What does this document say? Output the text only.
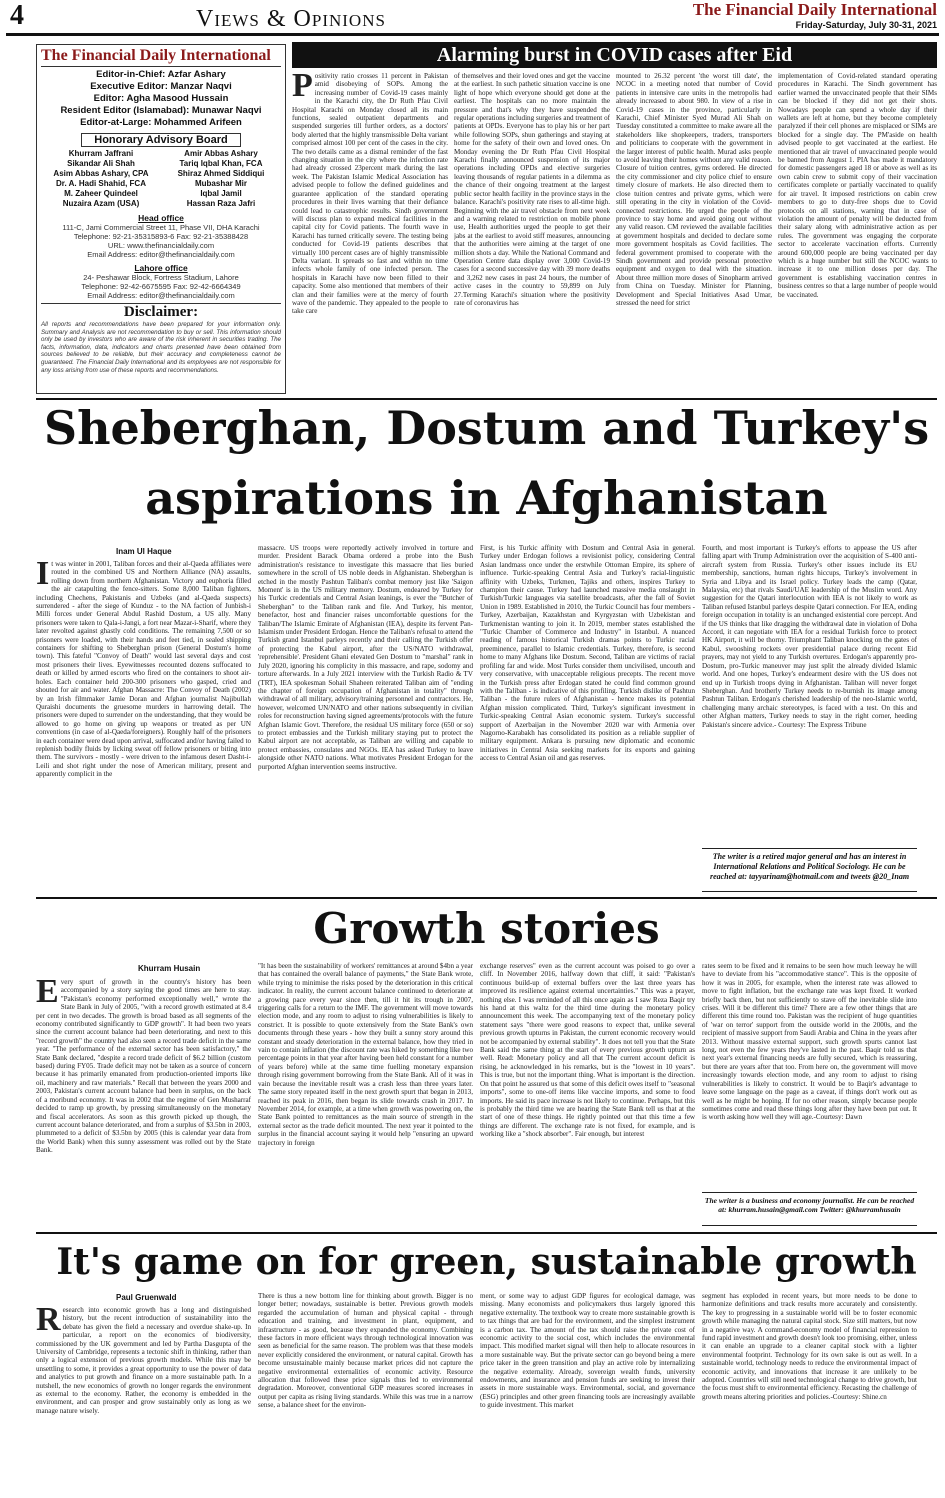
4	Views & Opinions	The Financial Daily International
Friday-Saturday, July 30-31, 2021
The Financial Daily International
Editor-in-Chief: Azfar Ashary
Executive Editor: Manzar Naqvi
Editor: Agha Masood Hussain
Resident Editor (Islamabad): Munawar Naqvi
Editor-at-Large: Mohammed Arifeen
Honorary Advisory Board
Khurram Jaffrani
Sikandar Ali Shah
Asim Abbas Ashary, CPA
Dr. A. Hadi Shahid, FCA
M. Zaheer Quindeel
Nuzaira Azam (USA)
Amir Abbas Ashary
Tariq Iqbal Khan, FCA
Shiraz Ahmed Siddiqui
Mubashar Mir
Iqbal Jamil
Hassan Raza Jafri
Head office
111-C, Jami Commercial Street 11, Phase VII, DHA Karachi
Telephone: 92-21-35315893-6 Fax: 92-21-35388428
URL: www.thefinancialdaily.com
Email Address: editor@thefinancialdaily.com
Lahore office
24- Peshawar Block, Fortress Stadium, Lahore
Telephone: 92-42-6675595 Fax: 92-42-6664349
Email Address: editor@thefinancialdaily.com
Disclaimer:
All reports and recommendations have been prepared for your information only. Summary and Analysis are not recommendation to buy or sell. This information should only be used by investors who are aware of the risk inherent in securities trading. The facts, information, data, indicators and charts presented have been obtained from sources believed to be reliable, but their accuracy and completeness cannot be guaranteed. The Financial Daily International and its employees are not responsible for any loss arising from use of these reports and recommendations.
Alarming burst in COVID cases after Eid
Positivity ratio crosses 11 percent in Pakistan amid disobeying of SOPs. Among the increasing number of Covid-19 cases mainly in the Karachi city, the Dr Ruth Pfau Civil Hospital Karachi on Monday closed all its main functions, sealed outpatient departments and suspended surgeries till further orders, as a doctors' body alerted that the highly transmissible Delta variant comprised almost 100 per cent of the cases in the city. The two details came as a dismal reminder of the fast changing situation in the city where the infection rate had already crossed 23percent mark during the last week. The Pakistan Islamic Medical Association has advised people to follow the defined guidelines and guarantee application of the standard operating procedures in their lives warning that their defiance could lead to catastrophic results. Sindh government will discuss plan to expand medical facilities in the capital city for Covid patients. The fourth wave in Karachi has turned critically severe. The testing being conducted for Covid-19 patients describes that virtually 100 percent cases are of highly transmissible Delta variant. It spreads so fast and within no time infects whole family of one infected person. The hospitals in Karachi have now been filled to their capacity. Some also mentioned that members of their clan and their families were at the mercy of fourth wave of the pandemic. They appealed to the people to take care
of themselves and their loved ones and get the vaccine at the earliest. In such pathetic situation vaccine is one light of hope which everyone should get done at the earliest. The hospitals can no more maintain the pressure and that's why they have suspended the regular operations including surgeries and treatment of patients at OPDs. Everyone has to play his or her part while following SOPs, shun gatherings and staying at home for the safety of their own and loved ones. On Monday evening the Dr Ruth Pfau Civil Hospital Karachi finally announced suspension of its major operations including OPDs and elective surgeries leaving thousands of regular patients in a dilemma as the chance of their ongoing treatment at the largest public sector health facility in the province stays in the balance. Karachi's positivity rate rises to all-time high. Beginning with the air travel obstacle from next week and a warning related to restriction on mobile phone use, Health authorities urged the people to get their jabs at the earliest to avoid stiff measures, announcing that the authorities were aiming at the target of one million shots a day. While the National Command and Operation Centre data display over 3,000 Covid-19 cases for a second successive day with 39 more deaths and 3,262 new cases in past 24 hours, the number of active cases in the country to 59,899 on July 27.Terming Karachi's situation where the positivity rate of coronavirus has
mounted to 26.32 percent 'the worst till date', the NCOC in a meeting noted that number of Covid patients in intensive care units in the metropolis had already increased to about 980. In view of a rise in Covid-19 cases in the province, particularly in Karachi, Chief Minister Syed Murad Ali Shah on Tuesday constituted a committee to make aware all the stakeholders like shopkeepers, traders, transporters and politicians to cooperate with the government in the larger interest of public health. Murad asks people to avoid leaving their homes without any valid reason. Closure of tuition centres, gyms ordered. He directed the city commissioner and city police chief to ensure timely closure of markets. He also directed them to close tuition centres and private gyms, which were still operating in the city in violation of the Covid- connected restrictions. He urged the people of the province to stay home and avoid going out without any valid reason. CM reviewed the available facilities at government hospitals and decided to declare some more government hospitals as Covid facilities. The federal government promised to cooperate with the Sindh government and provide personal protective equipment and oxygen to deal with the situation. About three million more doses of Sinopharm arrived from China on Tuesday. Minister for Planning, Development and Special Initiatives Asad Umar, stressed the need for strict
implementation of Covid-related standard operating procedures in Karachi. The Sindh government has earlier warned the unvaccinated people that their SIMs can be blocked if they did not get their shots. Nowadays people can spend a whole day if their wallets are left at home, but they become completely paralyzed if their cell phones are misplaced or SIMs are blocked for a single day. The PM'aside on health advised people to get vaccinated at the earliest. He mentioned that air travel of unvaccinated people would be banned from August 1. PIA has made it mandatory for domestic passengers aged 18 or above as well as its own cabin crew to submit copy of their vaccination certificates complete or partially vaccinated to qualify for air travel. It imposed restrictions on cabin crew members to go to duty-free shops due to Covid protocols on all stations, warning that in case of violation the amount of penalty will be deducted from their salary along with administrative action as per rules. The government was engaging the corporate sector to accelerate vaccination efforts. Currently around 600,000 people are being vaccinated per day which is a huge number but still the NCOC wants to increase it to one million doses per day. The government is establishing vaccination centres in business centres so that a large number of people would be vaccinated.
Sheberghan, Dostum and Turkey's
aspirations in Afghanistan
Inam Ul Haque
It was winter in 2001, Taliban forces and their al-Qaeda affiliates were routed in the combined US and Northern Alliance (NA) assaults, rolling down from northern Afghanistan. Victory and euphoria filled the air catapulting the fence-sitters. Some 8,000 Taliban fighters, including Chechens, Pakistanis and Uzbeks (and al-Qaeda suspects) surrendered - after the siege of Kunduz - to the NA faction of Junbish-i Milli forces under General Abdul Rashid Dostum, a US ally. Many prisoners were taken to Qala-i-Jangi, a fort near Mazar-i-Sharif, where they later revolted against ghastly cold conditions. The remaining 7,500 or so prisoners were loaded, with their hands and feet tied, in sealed shipping containers for shifting to Sheberghan prison (General Dostum's home town). This fateful "Convoy of Death" would last several days and cost most prisoners their lives. Eyewitnesses recounted dozens suffocated to death or killed by armed escorts who fired on the containers to shoot air-holes. Each container held 200-300 prisoners who gasped, cried and shouted for air and water. Afghan Massacre: The Convoy of Death (2002) by an Irish filmmaker Jamie Doran and Afghan journalist Najibullah Quraishi documents the gruesome murders in harrowing detail. The prisoners were duped to surrender on the understanding, that they would be allowed to go home on giving up weapons or treated as per UN conventions (in case of al-Qaeda/foreigners). Roughly half of the prisoners in each container were dead upon arrival, suffocated and/or having failed to replenish bodily fluids by licking sweat off fellow prisoners or biting into them. The survivors - mostly - were driven to the infamous desert Dasht-i-Leili and shot right under the nose of American military, present and apparently complicit in the
massacre. US troops were reportedly actively involved in torture and murder. President Barack Obama ordered a probe into the Bush administration's resistance to investigate this massacre that lies buried somewhere in the scroll of US noble deeds in Afghanistan. Sheberghan is etched in the mostly Pashtun Taliban's combat memory just like 'Saigon Moment' is in the US military memory. Dostum, endeared by Turkey for his Turkic credentials and Central Asian leanings, is ever the "Butcher of Sheberghan" to the Taliban rank and file. And Turkey, his mentor, benefactor, host and financier raises uncomfortable questions for the Taliban/The Islamic Emirate of Afghanistan (IEA), despite its fervent Pan-Islamism under President Erdogan. Hence the Taliban's refusal to attend the Turkish grand Istanbul parleys recently and their calling the Turkish offer of protecting the Kabul airport, after the US/NATO withdrawal, 'reprehensible'. President Ghani elevated Gen Dostum to "marshal" rank in July 2020, ignoring his complicity in this massacre, and rape, sodomy and torture afterwards. In a July 2021 interview with the Turkish Radio & TV (TRT), IEA spokesman Sohail Shaheen reiterated Taliban aim of "ending the chapter of foreign occupation of Afghanistan in totality" through withdrawal of all military, advisory/training personnel and contractors. He, however, welcomed UN/NATO and other nations subsequently in civilian roles for reconstruction having signed agreements/protocols with the future Afghan Islamic Govt. Therefore, the residual US military force (650 or so) to protect embassies and the Turkish military staying put to protect the Kabul airport are not acceptable, as Taliban are willing and capable to protect embassies, consulates and NGOs. IEA has asked Turkey to leave alongside other NATO nations. What motivates President Erdogan for the purported Afghan intervention seems instructive.
First, is his Turkic affinity with Dostum and Central Asia in general. Turkey under Erdogan follows a revisionist policy, considering Central Asian landmass once under the erstwhile Ottoman Empire, its sphere of influence. Turkic-speaking Central Asia and Turkey's racial-linguistic affinity with Uzbeks, Turkmen, Tajiks and others, inspires Turkey to champion their cause. Turkey had launched massive media onslaught in Turkish/Turkic languages via satellite broadcasts, after the fall of Soviet Union in 1989. Established in 2010, the Turkic Council has four members - Turkey, Azerbaijan, Kazakhstan and Kyrgyzstan with Uzbekistan and Turkmenistan wanting to join it. In 2019, member states established the "Turkic Chamber of Commerce and Industry" in Istanbul. A nuanced reading of famous historical Turkish dramas points to Turkic racial preeminence, parallel to Islamic credentials. Turkey, therefore, is second home to many Afghans like Dostum. Second, Taliban are victims of racial profiling far and wide. Most Turks consider them uncivilised, uncouth and very conservative, with unacceptable religious precepts. The recent move in the Turkish press after Erdogan stated he could find common ground with the Taliban - is indicative of this profiling. Turkish dislike of Pashtun Taliban - the future rulers of Afghanistan - hence makes its potential Afghan mission complicated. Third, Turkey's significant investment in Turkic-speaking Central Asian economic system. Turkey's successful support of Azerbaijan in the November 2020 war with Armenia over Nagorno-Karabakh has consolidated its position as a reliable supplier of military equipment. Ankara is pursuing new diplomatic and economic initiatives in Central Asia seeking markets for its exports and gaining access to Central Asian oil and gas reserves.
Fourth, and most important is Turkey's efforts to appease the US after falling apart with Trump Administration over the acquisition of S-400 anti-aircraft system from Russia. Turkey's other issues include its EU membership, sanctions, human rights hiccups, Turkey's involvement in Syria and Libya and its Israel policy. Turkey leads the camp (Qatar, Malaysia, etc) that rivals Saudi/UAE leadership of the Muslim word. Any suggestion for the Qatari interlocution with IEA is not likely to work as Taliban refused Istanbul parleys despite Qatari connection. For IEA, ending foreign occupation in totality is an unchanged existential core percept. And if the US thinks that like dragging the withdrawal date in violation of Doha Accord, it can negotiate with IEA for a residual Turkish force to protect HK Airport, it will be thorny. Triumphant Taliban knocking on the gates of Kabul, swooshing rockets over presidential palace during recent Eid prayers, may not yield to any Turkish overtures. Erdogan's apparently pro-Dostum, pro-Turkic maneuver may just split the already divided Islamic world. And one hopes, Turkey's endearment desire with the US does not end up in Turkish troops dying in Afghanistan. Taliban will never forget Sheberghan. And brotherly Turkey needs to re-burnish its image among Pashtun Taliban. Erdogan's cherished leadership of the neo-Islamic world, challenging many archaic stereotypes, is faced with a test. On this and other Afghan matters, Turkey needs to stay in the right corner, heeding Pakistan's sincere advice.- Courtesy: The Express Tribune
The writer is a retired major general and has an interest in International Relations and Political Sociology. He can be reached at: tayyarinam@hotmail.com and tweets @20_Inam
Growth stories
Khurram Husain
Every spurt of growth in the country's history has been accompanied by a story saying the good times are here to stay. "Pakistan's economy performed exceptionally well," wrote the State Bank in July of 2005, "with a record growth estimated at 8.4 per cent in two decades. The growth is broad based as all segments of the economy contributed significantly to GDP growth". It had been two years since the current account balance had been deteriorating, and next to this "record growth" the country had also seen a record trade deficit in the same year. "The performance of the external sector has been satisfactory," the State Bank declared, "despite a record trade deficit of $6.2 billion (custom based) during FY05. Trade deficit may not be taken as a source of concern because it has primarily emanated from production-oriented imports like oil, machinery and raw materials." Recall that between the years 2000 and 2003, Pakistan's current account balance had been in surplus, on the back of a moribund economy. It was in 2002 that the regime of Gen Musharraf decided to ramp up growth, by pressing simultaneously on the monetary and fiscal accelerators. As soon as this growth picked up though, the current account balance deteriorated, and from a surplus of $3.5bn in 2003, plummeted to a deficit of $3.5bn by 2005 (this is calendar year data from the World Bank) when this sunny assessment was rolled out by the State Bank.
"It has been the sustainability of workers' remittances at around $4bn a year that has contained the overall balance of payments," the State Bank wrote, while trying to minimise the risks posed by the deterioration in this critical indicator. In reality, the current account balance continued to deteriorate at a growing pace every year since then, till it hit its trough in 2007, triggering calls for a return to the IMF. The government will move towards election mode, and any room to adjust to rising vulnerabilities is likely to constrict. It is possible to quote extensively from the State Bank's own documents through these years - how they built a sunny story around this constant and steady deterioration in the external balance, how they tried in vain to contain inflation (the discount rate was hiked by something like two percentage points in that year after having been held constant for a number of years before) while at the same time fuelling monetary expansion through rising government borrowing from the State Bank. All of it was in vain because the inevitable result was a crash less than three years later. The same story repeated itself in the next growth spurt that began in 2013, reached its peak in 2016, then began its slide towards crash in 2017. In November 2014, for example, at a time when growth was powering on, the State Bank pointed to remittances as the main source of strength in the external sector as the trade deficit mounted. The next year it pointed to the surplus in the financial account saying it would help "ensuring an upward trajectory in foreign
exchange reserves" even as the current account was poised to go over a cliff. In November 2016, halfway down that cliff, it said: "Pakistan's continuous build-up of external buffers over the last three years has improved its resilience against external uncertainties." This was a prayer, nothing else. I was reminded of all this once again as I saw Reza Baqir try his hand at this waltz for the third time during the monetary policy announcement this week. The accompanying text of the monetary policy statement says "there were good reasons to expect that, unlike several previous growth upturns in Pakistan, the current economic recovery would not be accompanied by external stability". It does not tell you that the State Bank said the same thing at the start of every previous growth upturn as well. Read: Monetary policy and all that The current account deficit is rising, he acknowledged in his remarks, but is the "lowest in 10 years". This is true, but not the important thing. What is important is the direction. On that point he assured us that some of this deficit owes itself to "seasonal imports", some to one-off items like vaccine imports, and some to food imports. He said its pace increase is not likely to continue. Perhaps, but this is probably the third time we are hearing the State Bank tell us that at the start of one of these things. He rightly pointed out that this time a few things are different. The exchange rate is not fixed, for example, and is working like a "shock absorber". Fair enough, but interest
rates seem to be fixed and it remains to be seen how much leeway he will have to deviate from his "accommodative stance". This is the opposite of how it was in 2005, for example, when the interest rate was allowed to move to fight inflation, but the exchange rate was kept fixed. It worked briefly back then, but not sufficiently to stave off the inevitable slide into crises. Will it be different this time? There are a few other things that are different this time round too. Pakistan was the recipient of huge quantities of 'war on terror' support from the outside world in the 2000s, and the recipient of massive support from Saudi Arabia and China in the years after 2013. Without massive external support, such growth spurts cannot last long, not even the few years they've lasted in the past. Baqir told us that next year's external financing needs are fully secured, which is reassuring, but there are years after that too. From here on, the government will move increasingly towards election mode, and any room to adjust to rising vulnerabilities is likely to constrict. It would be to Baqir's advantage to leave some language on the page as a caveat, if things don't work out as well as he might be hoping. If for no other reason, simply because people sometimes come and read these things long after they have been put out. It is worth asking how well they will age.-Courtesy: Dawn
The writer is a business and economy journalist. He can be reached at: khurram.husain@gmail.com Twitter: @khurramhusain
It's game on for green, sustainable growth
Paul Gruenwald
Research into economic growth has a long and distinguished history, but the recent introduction of sustainability into the debate has given the field a necessary and overdue shake-up. In particular, a report on the economics of biodiversity, commissioned by the UK government and led by Partha Dasgupta of the University of Cambridge, represents a tectonic shift in thinking, rather than only a logical extension of previous growth models. While this may be unsettling to some, it provides a great opportunity to use the power of data and analytics to put growth and finance on a more sustainable path. In a nutshell, the new economics of growth no longer regards the environment as external to the economy. Rather, the economy is embedded in the environment, and can prosper and grow sustainably only as long as we manage nature wisely.
There is thus a new bottom line for thinking about growth. Bigger is no longer better; nowadays, sustainable is better. Previous growth models regarded the accumulation of human and physical capital - through education and training, and investment in plant, equipment, and infrastructure - as good, because they expanded the economy. Combining these factors in more efficient ways through technological innovation was seen as beneficial for the same reason. The problem was that these models never explicitly considered the environment, or natural capital. Growth has become unsustainable mainly because market prices did not capture the negative environmental externalities of economic activity. Resource allocation that followed these price signals thus led to environmental degradation. Moreover, conventional GDP measures scored increases in output per capita as rising living standards. While this was true in a narrow sense, a balance sheet for the environ-
ment, or some way to adjust GDP figures for ecological damage, was missing. Many economists and policymakers thus largely ignored this negative externality. The textbook way to create more sustainable growth is to tax things that are bad for the environment, and the simplest instrument is a carbon tax. The amount of the tax should raise the private cost of economic activity to the social cost, which includes the environmental impact. This modified market signal will then help to allocate resources in a more sustainable way. But the private sector can go beyond being a mere price taker in the green transition and play an active role by internalizing the negative externality. Already, sovereign wealth funds, university endowments, and insurance and pension funds are seeking to invest their assets in more sustainable ways. Environmental, social, and governance (ESG) principles and other green financing tools are increasingly available to guide investment. This market
segment has exploded in recent years, but more needs to be done to harmonize definitions and track results more accurately and consistently. The key to progressing in a sustainable world will be to foster economic growth while managing the natural capital stock. Size still matters, but now in a negative way. A command-economy model of financial repression to fund rapid investment and growth doesn't look too promising, either, unless it can enable an upgrade to a cleaner capital stock with a lighter environmental footprint. Technology for its own sake is out as well. In a sustainable world, technology needs to reduce the environmental impact of economic activity, and innovations that increase it are unlikely to be adopted. Countries will still need technological change to drive growth, but the focus must shift to environmental efficiency. Recasting the challenge of growth means altering priorities and policies.-Courtesy: Shine.cn
